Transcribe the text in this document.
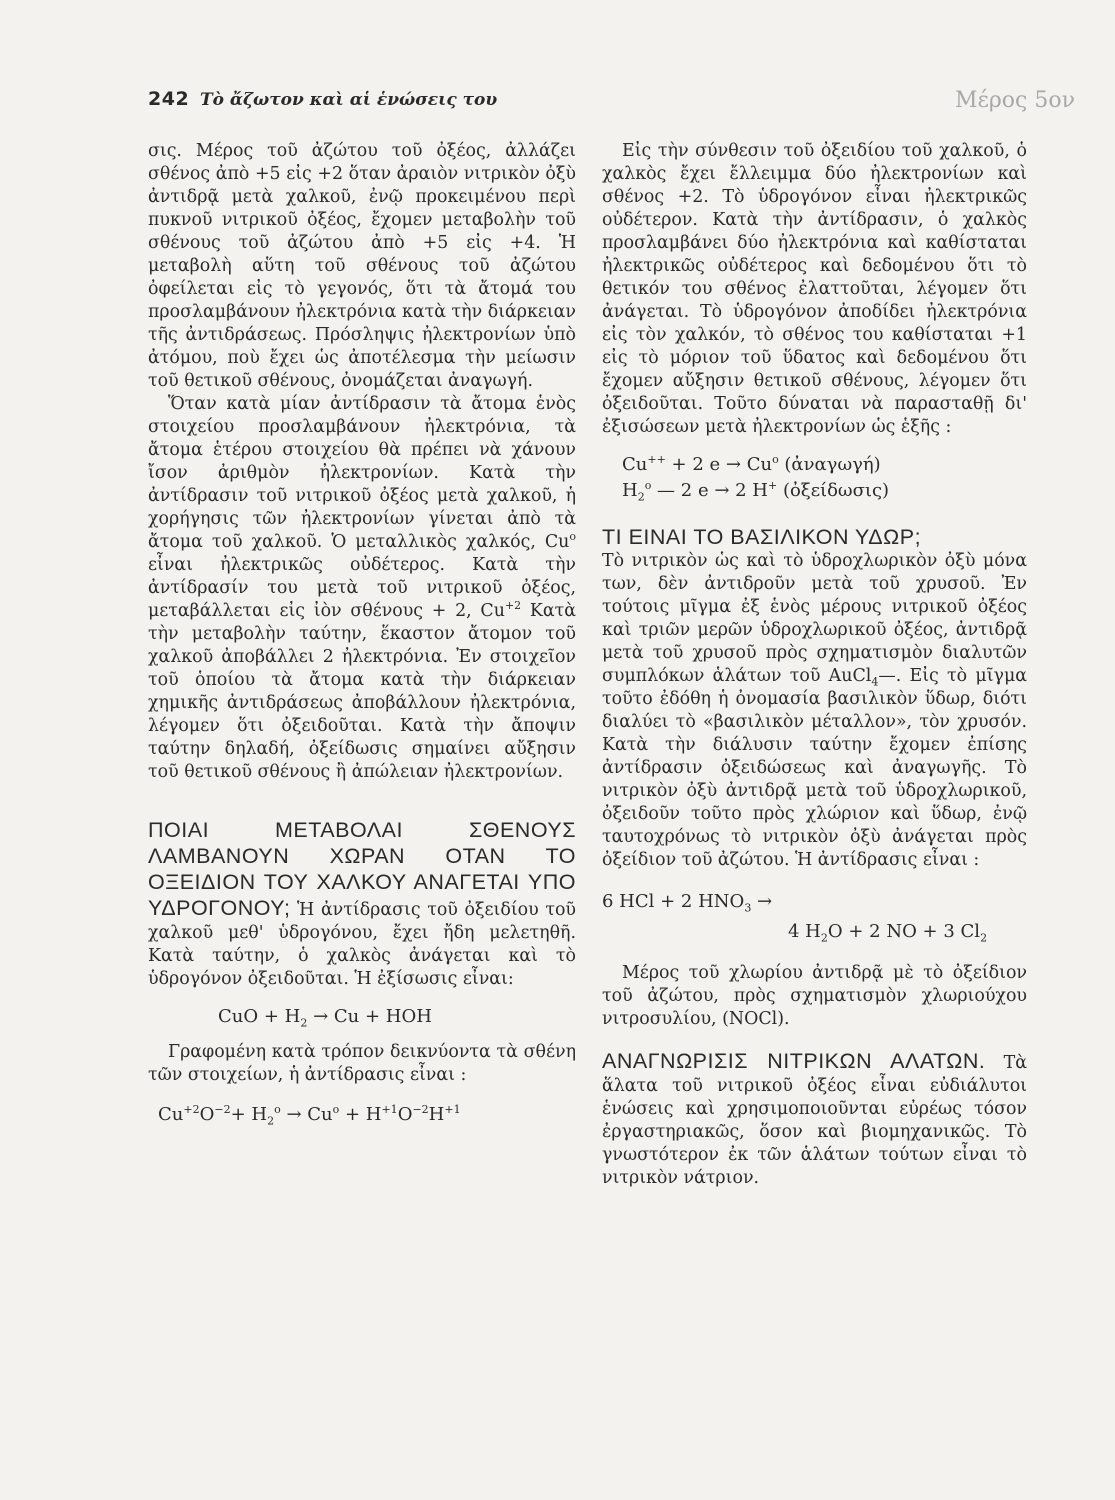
242 Τὸ ἄζωτον καὶ αἱ ἑνώσεις του	Μέρος 5ον

σις. Μέρος τοῦ ἀζώτου τοῦ ὀξέος, ἀλλάζει σθένος ἀπὸ +5 εἰς +2 ὅταν ἀραιὸν νιτρικὸν ὀξὺ ἀντιδρᾷ μετὰ χαλκοῦ, ἐνῷ προκειμένου περὶ πυκνοῦ νιτρικοῦ ὀξέος, ἔχομεν μεταβολὴν τοῦ σθένους τοῦ ἀζώτου ἀπὸ +5 εἰς +4. Ἡ μεταβολὴ αὕτη τοῦ σθένους τοῦ ἀζώτου ὀφείλεται εἰς τὸ γεγονός, ὅτι τὰ ἄτομά του προσλαμβάνουν ἠλεκτρόνια κατὰ τὴν διάρκειαν τῆς ἀντιδράσεως. Πρόσληψις ἠλεκτρονίων ὑπὸ ἀτόμου, ποὺ ἔχει ὡς ἀποτέλεσμα τὴν μείωσιν τοῦ θετικοῦ σθένους, ὀνομάζεται ἀναγωγή.

Ὅταν κατὰ μίαν ἀντίδρασιν τὰ ἄτομα ἑνὸς στοιχείου προσλαμβάνουν ἠλεκτρόνια, τὰ ἄτομα ἑτέρου στοιχείου θὰ πρέπει νὰ χάνουν ἴσον ἀριθμὸν ἠλεκτρονίων. Κατὰ τὴν ἀντίδρασιν τοῦ νιτρικοῦ ὀξέος μετὰ χαλκοῦ, ἡ χορήγησις τῶν ἠλεκτρονίων γίνεται ἀπὸ τὰ ἄτομα τοῦ χαλκοῦ. Ὁ μεταλλικὸς χαλκός, Cu$^o$ εἶναι ἠλεκτρικῶς οὐδέτερος. Κατὰ τὴν ἀντίδρασίν του μετὰ τοῦ νιτρικοῦ ὀξέος, μεταβάλλεται εἰς ἰὸν σθένους + 2, $Cu^{+2}$ Κατὰ τὴν μεταβολὴν ταύτην, ἕκαστον ἄτομον τοῦ χαλκοῦ ἀποβάλλει 2 ἠλεκτρόνια. Ἐν στοιχεῖον τοῦ ὁποίου τὰ ἄτομα κατὰ τὴν διάρκειαν χημικῆς ἀντιδράσεως ἀποβάλλουν ἠλεκτρόνια, λέγομεν ὅτι ὀξειδοῦται. Κατὰ τὴν ἄποψιν ταύτην δηλαδή, ὀξείδωσις σημαίνει αὔξησιν τοῦ θετικοῦ σθένους ἢ ἀπώλειαν ἠλεκτρονίων.

ΠΟΙΑΙ ΜΕΤΑΒΟΛΑΙ ΣΘΕΝΟΥΣ ΛΑΜΒΑΝΟΥΝ ΧΩΡΑΝ ΟΤΑΝ ΤΟ ΟΞΕΙΔΙΟΝ ΤΟΥ ΧΑΛΚΟΥ ΑΝΑΓΕΤΑΙ ΥΠΟ ΥΔΡΟΓΟΝΟΥ; Ἡ ἀντίδρασις τοῦ ὀξειδίου τοῦ χαλκοῦ μεθ' ὑδρογόνου, ἔχει ἤδη μελετηθῆ. Κατὰ ταύτην, ὁ χαλκὸς ἀνάγεται καὶ τὸ ὑδρογόνον ὀξειδοῦται. Ἡ ἐξίσωσις εἶναι:

CuO + $H_2 \to Cu$ + HOH

Γραφομένη κατὰ τρόπον δεικνύοντα τὰ σθένη τῶν στοιχείων, ἡ ἀντίδρασις εἶναι :

$Cu^{+2}O^{-2}+ H_2^o \to Cu^o + H^{+1}O^{-2}H^{+1}$

Εἰς τὴν σύνθεσιν τοῦ ὀξειδίου τοῦ χαλκοῦ, ὁ χαλκὸς ἔχει ἔλλειμμα δύο ἠλεκτρονίων καὶ σθένος +2. Τὸ ὑδρογόνον εἶναι ἠλεκτρικῶς οὐδέτερον. Κατὰ τὴν ἀντίδρασιν, ὁ χαλκὸς προσλαμβάνει δύο ἠλεκτρόνια καὶ καθίσταται ἠλεκτρικῶς οὐδέτερος καὶ δεδομένου ὅτι τὸ θετικόν του σθένος ἐλαττοῦται, λέγομεν ὅτι ἀνάγεται. Τὸ ὑδρογόνον ἀποδίδει ἠλεκτρόνια εἰς τὸν χαλκόν, τὸ σθένος του καθίσταται +1 εἰς τὸ μόριον τοῦ ὕδατος καὶ δεδομένου ὅτι ἔχομεν αὔξησιν θετικοῦ σθένους, λέγομεν ὅτι ὀξειδοῦται. Τοῦτο δύναται νὰ παρασταθῇ δι' ἐξισώσεων μετὰ ἠλεκτρονίων ὡς ἑξῆς :

Cu++ + 2 $e \to Cu^o$ (ἀναγωγή)

$H_2^o$ — 2 e → 2 H+ (ὀξείδωσις)

ΤΙ ΕΙΝΑΙ ΤΟ ΒΑΣΙΛΙΚΟΝ ΥΔΩΡ;

Τὸ νιτρικὸν ὡς καὶ τὸ ὑδροχλωρικὸν ὀξὺ μόνα των, δὲν ἀντιδροῦν μετὰ τοῦ χρυσοῦ. Ἐν τούτοις μῖγμα ἐξ ἑνὸς μέρους νιτρικοῦ ὀξέος καὶ τριῶν μερῶν ὑδροχλωρικοῦ ὀξέος, ἀντιδρᾷ μετὰ τοῦ χρυσοῦ πρὸς σχηματισμὸν διαλυτῶν συμπλόκων ἁλάτων τοῦ AuCl$_4$—. Εἰς τὸ μῖγμα τοῦτο ἐδόθη ἡ ὀνομασία βασιλικὸν ὕδωρ, διότι διαλύει τὸ «βασιλικὸν μέταλλον», τὸν χρυσόν. Κατὰ τὴν διάλυσιν ταύτην ἔχομεν ἐπίσης ἀντίδρασιν ὀξειδώσεως καὶ ἀναγωγῆς. Τὸ νιτρικὸν ὀξὺ ἀντιδρᾷ μετὰ τοῦ ὑδροχλωρικοῦ, ὀξειδοῦν τοῦτο πρὸς χλώριον καὶ ὕδωρ, ἐνῷ ταυτοχρόνως τὸ νιτρικὸν ὀξὺ ἀνάγεται πρὸς ὀξείδιον τοῦ ἀζώτου. Ἡ ἀντίδρασις εἶναι :

6 HCl + 2 $HNO_3$ →

4 $H_2O + 2$ NO + 3 $Cl_2$

Μέρος τοῦ χλωρίου ἀντιδρᾷ μὲ τὸ ὀξείδιον τοῦ ἀζώτου, πρὸς σχηματισμὸν χλωριούχου νιτροσυλίου, (NOCl).

ΑΝΑΓΝΩΡΙΣΙΣ ΝΙΤΡΙΚΩΝ ΑΛΑΤΩΝ. Τὰ ἅλατα τοῦ νιτρικοῦ ὀξέος εἶναι εὐδιάλυτοι ἑνώσεις καὶ χρησιμοποιοῦνται εὐρέως τόσον ἐργαστηριακῶς, ὅσον καὶ βιομηχανικῶς. Τὸ γνωστότερον ἐκ τῶν ἁλάτων τούτων εἶναι τὸ νιτρικὸν νάτριον.
